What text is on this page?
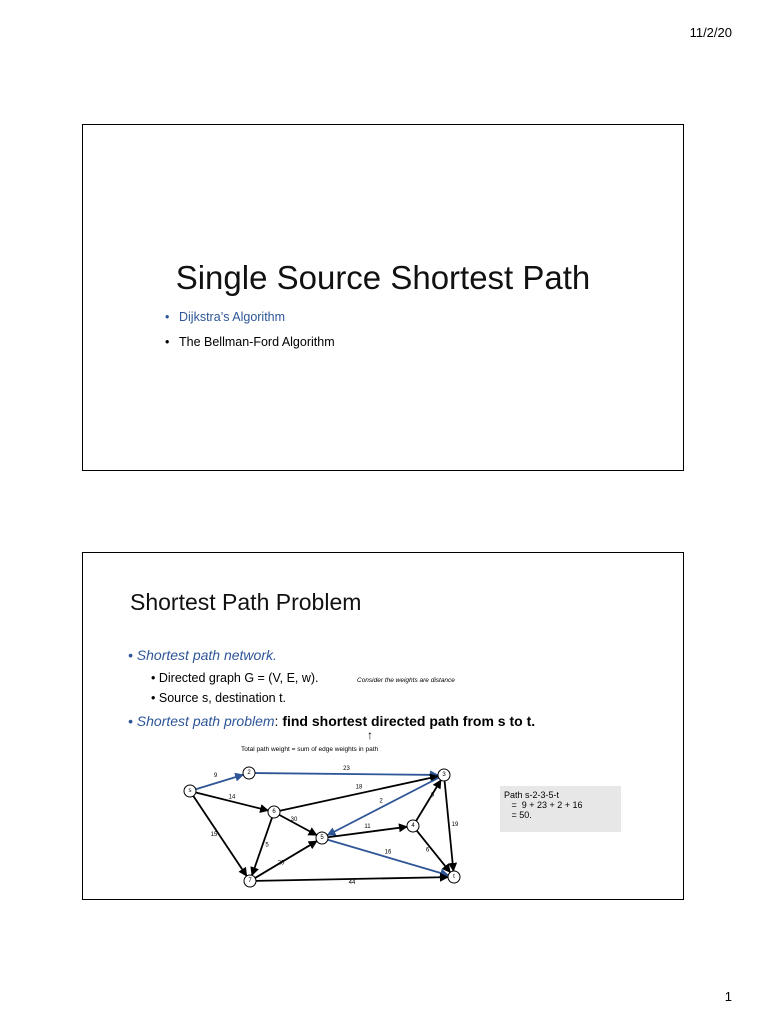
11/2/20
Single Source Shortest Path
• Dijkstra’s Algorithm
• The Bellman-Ford Algorithm
Shortest Path Problem
• Shortest path network.
• Directed graph G = (V, E, w).	Consider the weights are distance
• Source s, destination t.
• Shortest path problem: find shortest directed path from s to t.
↑
Total path weight = sum of edge weights in path
9
23
14
18
2
6
19
30
11
6
15
5
20
16
44
s
2	3
6
5
4
7
t
Path s-2-3-5-t
=  9 + 23 + 2 + 16
= 50.
1
